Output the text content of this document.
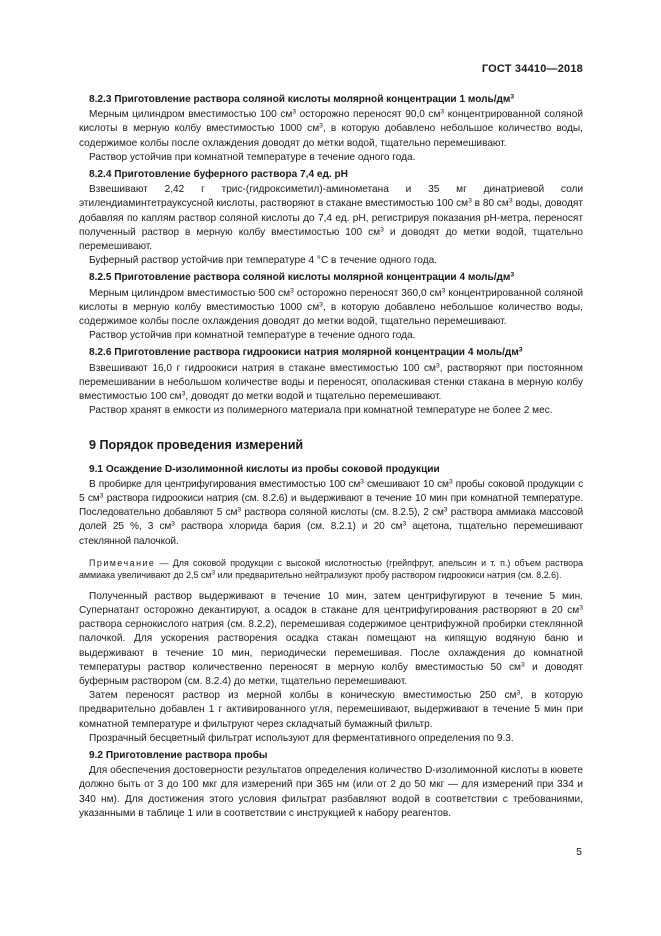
ГОСТ 34410—2018
8.2.3 Приготовление раствора соляной кислоты молярной концентрации 1 моль/$дм^3$

Мерным цилиндром вместимостью 100 $см^3$ осторожно переносят 90,0 $см^3$ концентрированной соляной кислоты в мерную колбу вместимостью 1000 $см^3$, в которую добавлено небольшое количество воды, содержимое колбы после охлаждения доводят до метки водой, тщательно перемешивают.

Раствор устойчив при комнатной температуре в течение одного года.

8.2.4 Приготовление буферного раствора 7,4 ед. pH

Взвешивают 2,42 г трис-(гидроксиметил)-аминометана и 35 мг динатриевой соли этилендиаминтетрауксусной кислоты, растворяют в стакане вместимостью 100 $см^3$ в 80 $см^3$ воды, доводят добавляя по каплям раствор соляной кислоты до 7,4 ед. pH, регистрируя показания pH-метра, переносят полученный раствор в мерную колбу вместимостью 100 $см^3$ и доводят до метки водой, тщательно перемешивают.

Буферный раствор устойчив при температуре 4 °С в течение одного года.

8.2.5 Приготовление раствора соляной кислоты молярной концентрации 4 моль/$дм^3$

Мерным цилиндром вместимостью 500 $см^3$ осторожно переносят 360,0 $см^3$ концентрированной соляной кислоты в мерную колбу вместимостью 1000 $см^3$, в которую добавлено небольшое количество воды, содержимое колбы после охлаждения доводят до метки водой, тщательно перемешивают.

Раствор устойчив при комнатной температуре в течение одного года.

8.2.6 Приготовление раствора гидроокиси натрия молярной концентрации 4 моль/$дм^3$

Взвешивают 16,0 г гидроокиси натрия в стакане вместимостью 100 $см^3$, растворяют при постоянном перемешивании в небольшом количестве воды и переносят, ополаскивая стенки стакана в мерную колбу вместимостью 100 $см^3$, доводят до метки водой и тщательно перемешивают.

Раствор хранят в емкости из полимерного материала при комнатной температуре не более 2 мес.

9 Порядок проведения измерений
9.1 Осаждение D-изолимонной кислоты из пробы соковой продукции

В пробирке для центрифугирования вместимостью 100 $см^3$ смешивают 10 $см^3$ пробы соковой продукции с 5 $см^3$ раствора гидроокиси натрия (см. 8.2.6) и выдерживают в течение 10 мин при комнатной температуре. Последовательно добавляют 5 $см^3$ раствора соляной кислоты (см. 8.2.5), 2 $см^3$ раствора аммиака массовой долей 25 %, 3 $см^3$ раствора хлорида бария (см. 8.2.1) и 20 $см^3$ ацетона, тщательно перемешивают стеклянной палочкой.

Примечание — Для соковой продукции с высокой кислотностью (грейпфрут, апельсин и т. п.) объем раствора аммиака увеличивают до 2,5 $см^3$ или предварительно нейтрализуют пробу раствором гидроокиси натрия (см. 8.2.6).

Полученный раствор выдерживают в течение 10 мин, затем центрифугируют в течение 5 мин. Супернатант осторожно декантируют, а осадок в стакане для центрифугирования растворяют в 20 $см^3$ раствора сернокислого натрия (см. 8.2.2), перемешивая содержимое центрифужной пробирки стеклянной палочкой. Для ускорения растворения осадка стакан помещают на кипящую водяную баню и выдерживают в течение 10 мин, периодически перемешивая. После охлаждения до комнатной температуры раствор количественно переносят в мерную колбу вместимостью 50 $см^3$ и доводят буферным раствором (см. 8.2.4) до метки, тщательно перемешивают.

Затем переносят раствор из мерной колбы в коническую вместимостью 250 $см^3$, в которую предварительно добавлен 1 г активированного угля, перемешивают, выдерживают в течение 5 мин при комнатной температуре и фильтруют через складчатый бумажный фильтр.

Прозрачный бесцветный фильтрат используют для ферментативного определения по 9.3.

9.2 Приготовление раствора пробы

Для обеспечения достоверности результатов определения количество D-изолимонной кислоты в кювете должно быть от 3 до 100 мкг для измерений при 365 нм (или от 2 до 50 мкг — для измерений при 334 и 340 нм). Для достижения этого условия фильтрат разбавляют водой в соответствии с требованиями, указанными в таблице 1 или в соответствии с инструкцией к набору реагентов.

5
